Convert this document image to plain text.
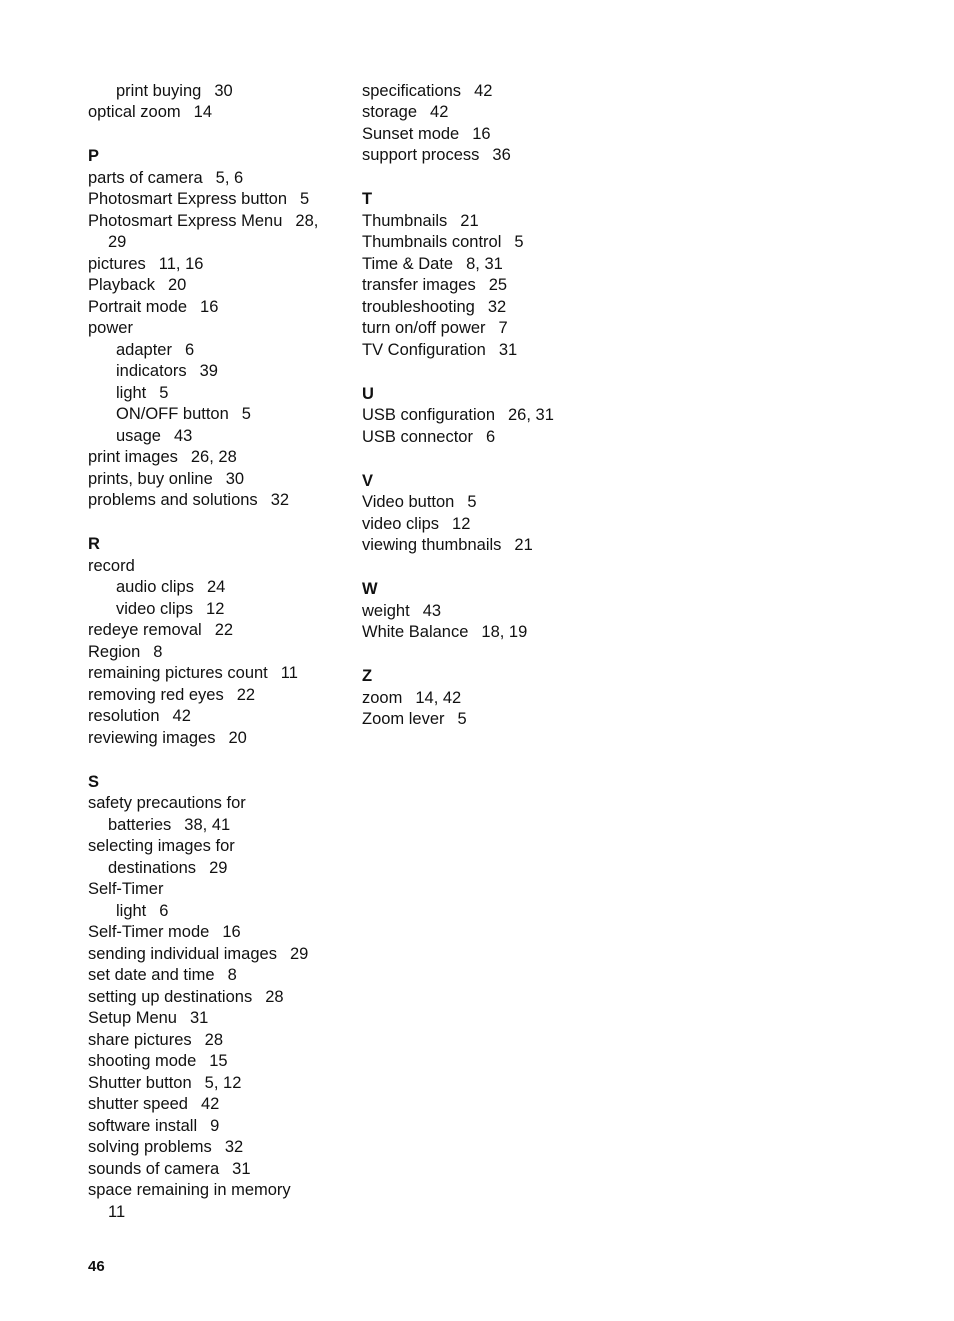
print buying 30
optical zoom 14
P
parts of camera 5, 6
Photosmart Express button 5
Photosmart Express Menu 28,
29
pictures 11, 16
Playback 20
Portrait mode 16
power
adapter 6
indicators 39
light 5
ON/OFF button 5
usage 43
print images 26, 28
prints, buy online 30
problems and solutions 32
R
record
audio clips 24
video clips 12
redeye removal 22
Region 8
remaining pictures count 11
removing red eyes 22
resolution 42
reviewing images 20
S
safety precautions for
batteries 38, 41
selecting images for
destinations 29
Self-Timer
light 6
Self-Timer mode 16
sending individual images 29
set date and time 8
setting up destinations 28
Setup Menu 31
share pictures 28
shooting mode 15
Shutter button 5, 12
shutter speed 42
software install 9
solving problems 32
sounds of camera 31
space remaining in memory
11
specifications 42
storage 42
Sunset mode 16
support process 36
T
Thumbnails 21
Thumbnails control 5
Time & Date 8, 31
transfer images 25
troubleshooting 32
turn on/off power 7
TV Configuration 31
U
USB configuration 26, 31
USB connector 6
V
Video button 5
video clips 12
viewing thumbnails 21
W
weight 43
White Balance 18, 19
Z
zoom 14, 42
Zoom lever 5
46
